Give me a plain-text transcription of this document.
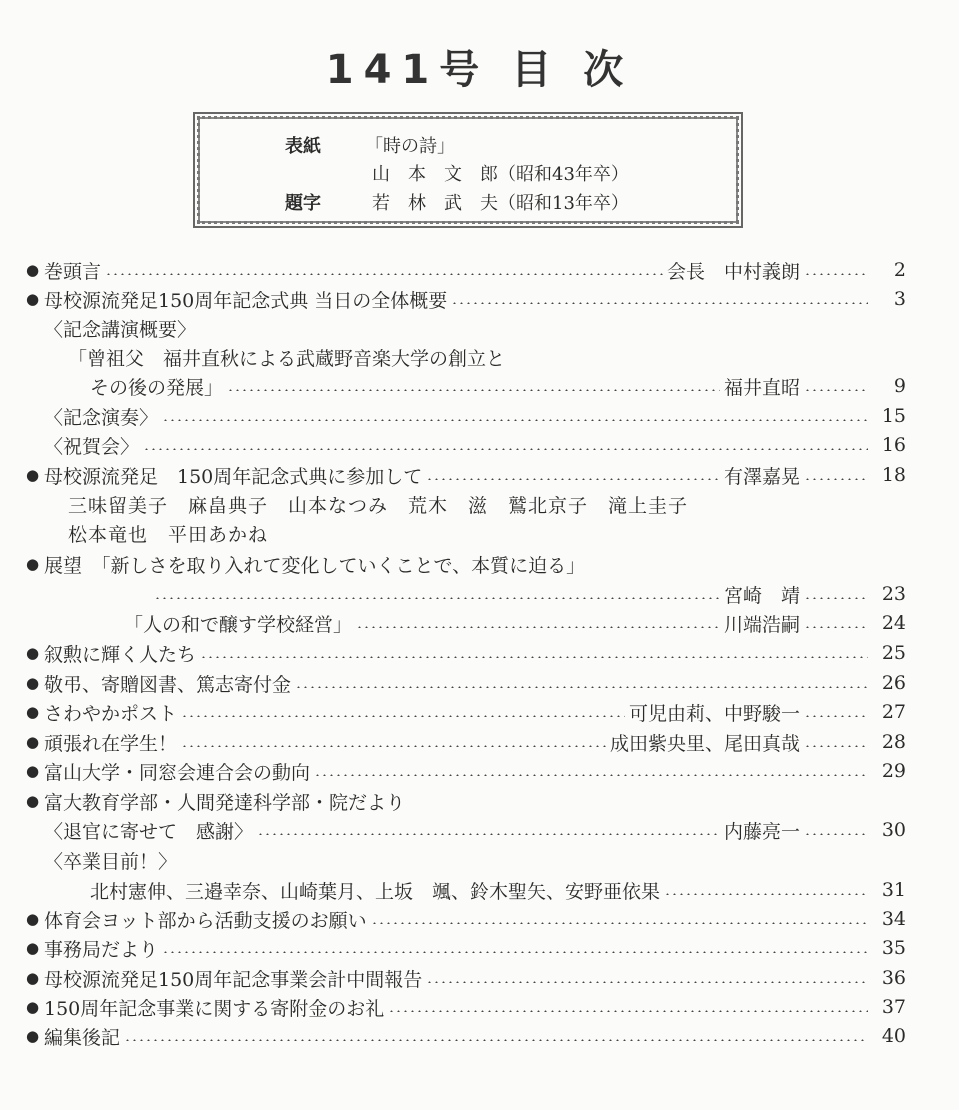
141号 目 次
表紙 「時の詩」
山　本　文　郎（昭和43年卒）
題字	若　林　武　夫（昭和13年卒）
● 巻頭言	会長　中村義朗	2
● 母校源流発足150周年記念式典 当日の全体概要	3
〈記念講演概要〉
「曾祖父　福井直秋による武蔵野音楽大学の創立と
その後の発展」	福井直昭	9
〈記念演奏〉	15
〈祝賀会〉	16
● 母校源流発足　150周年記念式典に参加して	有澤嘉晃	18
三味留美子　麻畠典子　山本なつみ　荒木　滋　鷲北京子　滝上圭子
松本竜也　平田あかね
● 展望　「新しさを取り入れて変化していくことで、本質に迫る」
宮崎　靖	23
「人の和で醸す学校経営」	川端浩嗣	24
● 叙勲に輝く人たち	25
● 敬弔、寄贈図書、篤志寄付金	26
● さわやかポスト	可児由莉、中野駿一	27
● 頑張れ在学生！	成田紫央里、尾田真哉	28
● 富山大学・同窓会連合会の動向	29
● 富大教育学部・人間発達科学部・院だより
〈退官に寄せて　感謝〉	内藤亮一	30
〈卒業目前！〉
北村憲伸、三邉幸奈、山崎葉月、上坂　颯、鈴木聖矢、安野亜依果	31
● 体育会ヨット部から活動支援のお願い	34
● 事務局だより	35
● 母校源流発足150周年記念事業会計中間報告	36
● 150周年記念事業に関する寄附金のお礼	37
● 編集後記	40
